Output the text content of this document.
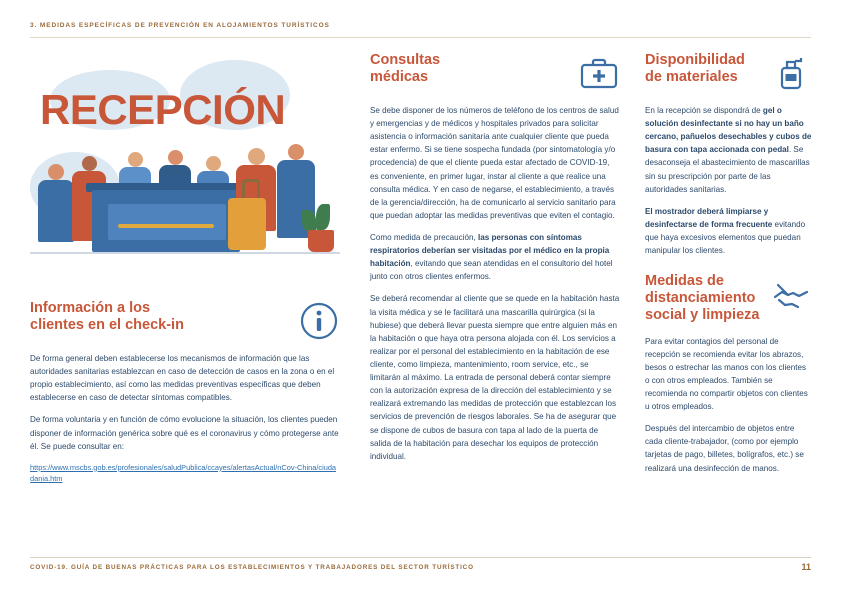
3. MEDIDAS ESPECÍFICAS DE PREVENCIÓN EN ALOJAMIENTOS TURÍSTICOS
RECEPCIÓN
Información a los
clientes en el check-in

De forma general deben establecerse los mecanismos de información que las autoridades sanitarias establezcan en caso de detección de casos en la zona o en el propio establecimiento, así como las medidas preventivas específicas que deben establecerse en caso de detectar síntomas compatibles.

De forma voluntaria y en función de cómo evolucione la situación, los clientes pueden disponer de información genérica sobre qué es el coronavirus y cómo protegerse ante él. Se puede consultar en:

https://www.mscbs.gob.es/profesionales/saludPublica/ccayes/alertasActual/nCov-China/ciudadania.htm
Consultas
médicas

Se debe disponer de los números de teléfono de los centros de salud y emergencias y de médicos y hospitales privados para solicitar asistencia o información sanitaria ante cualquier cliente que pueda estar enfermo. Si se tiene sospecha fundada (por sintomatología y/o procedencia) de que el cliente pueda estar afectado de COVID-19, es conveniente, en primer lugar, instar al cliente a que realice una consulta médica. Y en caso de negarse, el establecimiento, a través de la gerencia/dirección, ha de comunicarlo al servicio sanitario para que puedan adoptar las medidas preventivas que eviten el contagio.

Como medida de precaución, las personas con síntomas respiratorios deberían ser visitadas por el médico en la propia habitación, evitando que sean atendidas en el consultorio del hotel junto con otros clientes enfermos.

Se deberá recomendar al cliente que se quede en la habitación hasta la visita médica y se le facilitará una mascarilla quirúrgica (si la hubiese) que deberá llevar puesta siempre que entre alguien más en la habitación o que haya otra persona alojada con él. Los servicios a realizar por el personal del establecimiento en la habitación de ese cliente, como limpieza, mantenimiento, room service, etc., se limitarán al máximo. La entrada de personal deberá contar siempre con la autorización expresa de la dirección del establecimiento y se realizará extremando las medidas de protección que establezcan los servicios de prevención de riesgos laborales. Se ha de asegurar que se dispone de cubos de basura con tapa al lado de la puerta de salida de la habitación para desechar los equipos de protección individual.

Disponibilidad
de materiales

En la recepción se dispondrá de gel o solución desinfectante si no hay un baño cercano, pañuelos desechables y cubos de basura con tapa accionada con pedal. Se desaconseja el abastecimiento de mascarillas sin su prescripción por parte de las autoridades sanitarias.

El mostrador deberá limpiarse y desinfectarse de forma frecuente evitando que haya excesivos elementos que puedan manipular los clientes.

Medidas de
distanciamiento
social y limpieza

Para evitar contagios del personal de recepción se recomienda evitar los abrazos, besos o estrechar las manos con los clientes o con otros empleados. También se recomienda no compartir objetos con clientes u otros empleados.

Después del intercambio de objetos entre cada cliente-trabajador, (como por ejemplo tarjetas de pago, billetes, bolígrafos, etc.) se realizará una desinfección de manos.

COVID-19. GUÍA DE BUENAS PRÁCTICAS PARA LOS ESTABLECIMIENTOS Y TRABAJADORES DEL SECTOR TURÍSTICO	11
